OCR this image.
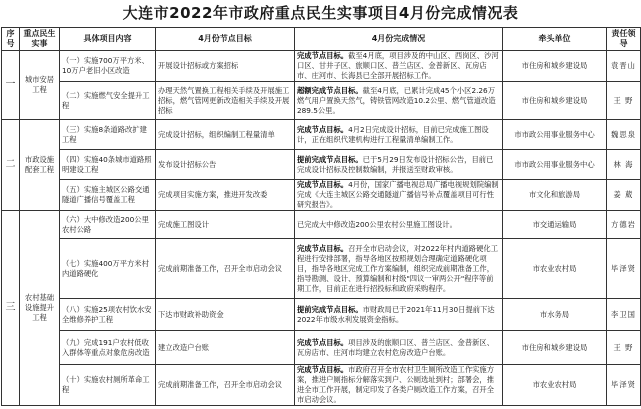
大连市2022年市政府重点民生实事项目4月份完成情况表
序号	重点民生实事	具体项目内容	4月份节点目标	4月份完成情况	牵头单位	责任领导
一	城市安居工程	（一）实施700万平方米、10万户老旧小区改造	开展设计招标或方案招标	完成节点目标。截至4月底，项目涉及的中山区、西岗区、沙河口区、甘井子区、旅顺口区、普兰店区、金普新区、瓦房店市、庄河市、长海县已全部开展招标工作。	市住房和城乡建设局	袁晋山
		（二）实施燃气安全提升工程	办理天然气置换工程相关手续及开展施工招标，燃气管网更新改造相关手续及开展招标	超额完成节点目标。截至4月底，已累计完成45个小区2.26万燃气用户置换天然气，铸铁管网改造10.2公里、燃气管道改造289.5公里。	市住房和城乡建设局	王 野
二	市政设施配套工程	（三）实施8条道路改扩建工程	完成设计招标，组织编制工程量清单	完成节点目标。4月2日完成设计招标，目前已完成施工图设计，正在组织代建机构进行工程量清单编制工作。	市市政公用事业服务中心	魏思泉
		（四）实施40条城市道路照明建设工程	发布设计招标公告	提前完成节点目标。已于5月29日发布设计招标公告，目前已完成设计招标及控制数编制，并报送至财政审核。	市市政公用事业服务中心	林 海
		（五）实施主城区公路交通隧道广播信号覆盖工程	完成项目实施方案，推进开发改委	完成节点目标。4月份，国家广播电视总局广播电视规划院编制完成《大连主城区公路交通隧道广播信号补点覆盖项目可行性研究报告》。	市文化和旅游局	姜 葳
三	农村基础设施提升工程	（六）大中修改造200公里农村公路	完成施工图设计	已完成大中修改造200公里农村公里施工图设计。	市交通运输局	方德岩
		（七）实施400万平方米村内道路硬化	完成前期准备工作，召开全市启动会议	完成节点目标。召开全市启动会议，对2022年村内道路硬化工程进行安排部署，指导各地区按照规划合理确定道路硬化项目，指导各地区完成工作方案编制，组织完成前期准备工作，指导勘测、设计、预算编制和村级"四议一审两公开"程序等前期工作，目前正在进行招投标和政府采购程序。	市农业农村局	毕泽贤
		（八）实施25项农村饮水安全维修养护工程	下达市财政补助资金	提前完成节点目标。市财政局已于2021年11月30日提前下达2022年市级水利发展资金指标。	市水务局	李卫国
		（九）完成191户农村低收入群体等重点对象危房改造	建立改造户台账	完成节点目标。项目涉及的旅顺口区、普兰店区、金普新区、瓦房店市、庄河市均建立农村危房改造户台账。	市住房和城乡建设局	王 野
		（十）实施农村厕所革命工程	完成前期准备工作，召开全市启动会议	完成节点目标。市政府召开全市农村卫生厕所改造工作实施方案，推进户厕指标分解落实到户、公厕选址到村；部署会，推进全市工作开展，制定印发了各类户厕改造工作方案，召开全市启动会议。	市农业农村局	毕泽贤
